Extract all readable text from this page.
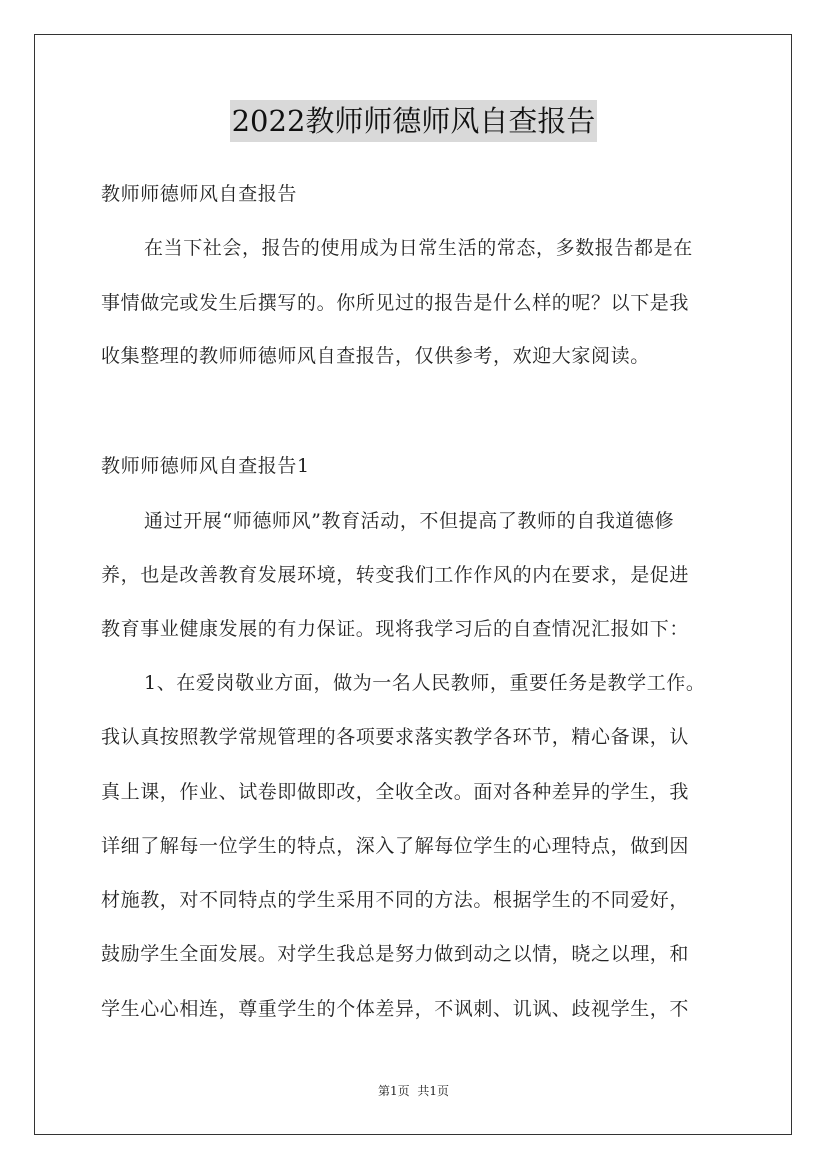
2022教师师德师风自查报告
教师师德师风自查报告
在当下社会，报告的使用成为日常生活的常态，多数报告都是在
事情做完或发生后撰写的。你所见过的报告是什么样的呢？以下是我
收集整理的教师师德师风自查报告，仅供参考，欢迎大家阅读。
教师师德师风自查报告1
通过开展“师德师风”教育活动，不但提高了教师的自我道德修
养，也是改善教育发展环境，转变我们工作作风的内在要求，是促进
教育事业健康发展的有力保证。现将我学习后的自查情况汇报如下：
1、在爱岗敬业方面，做为一名人民教师，重要任务是教学工作。
我认真按照教学常规管理的各项要求落实教学各环节，精心备课，认
真上课，作业、试卷即做即改，全收全改。面对各种差异的学生，我
详细了解每一位学生的特点，深入了解每位学生的心理特点，做到因
材施教，对不同特点的学生采用不同的方法。根据学生的不同爱好，
鼓励学生全面发展。对学生我总是努力做到动之以情，晓之以理，和
学生心心相连，尊重学生的个体差异，不讽刺、讥讽、歧视学生，不
第1页 共1页
